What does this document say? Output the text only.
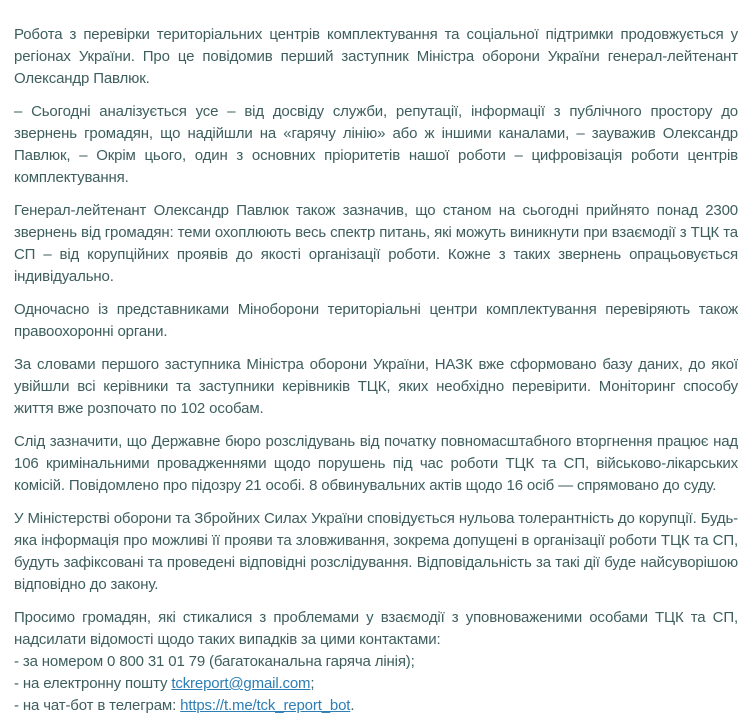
Робота з перевірки територіальних центрів комплектування та соціальної підтримки продовжується у регіонах України. Про це повідомив перший заступник Міністра оборони України генерал-лейтенант Олександр Павлюк.

– Сьогодні аналізується усе – від досвіду служби, репутації, інформації з публічного простору до звернень громадян, що надійшли на «гарячу лінію» або ж іншими каналами, – зауважив Олександр Павлюк, – Окрім цього, один з основних пріоритетів нашої роботи – цифровізація роботи центрів комплектування.

Генерал-лейтенант Олександр Павлюк також зазначив, що станом на сьогодні прийнято понад 2300 звернень від громадян: теми охоплюють весь спектр питань, які можуть виникнути при взаємодії з ТЦК та СП – від корупційних проявів до якості організації роботи. Кожне з таких звернень опрацьовується індивідуально.

Одночасно із представниками Міноборони територіальні центри комплектування перевіряють також правоохоронні органи.

За словами першого заступника Міністра оборони України, НАЗК вже сформовано базу даних, до якої увійшли всі керівники та заступники керівників ТЦК, яких необхідно перевірити. Моніторинг способу життя вже розпочато по 102 особам.

Слід зазначити, що Державне бюро розслідувань від початку повномасштабного вторгнення працює над 106 кримінальними провадженнями щодо порушень під час роботи ТЦК та СП, військово-лікарських комісій. Повідомлено про підозру 21 особі. 8 обвинувальних актів щодо 16 осіб — спрямовано до суду.

У Міністерстві оборони та Збройних Силах України сповідується нульова толерантність до корупції. Будь-яка інформація про можливі її прояви та зловживання, зокрема допущені в організації роботи ТЦК та СП, будуть зафіксовані та проведені відповідні розслідування. Відповідальність за такі дії буде найсуворішою відповідно до закону.

Просимо громадян, які стикалися з проблемами у взаємодії з уповноваженими особами ТЦК та СП, надсилати відомості щодо таких випадків за цими контактами:
- за номером 0 800 31 01 79 (багатоканальна гаряча лінія);
- на електронну пошту tckreport@gmail.com;
- на чат-бот в телеграм: https://t.me/tck_report_bot.
